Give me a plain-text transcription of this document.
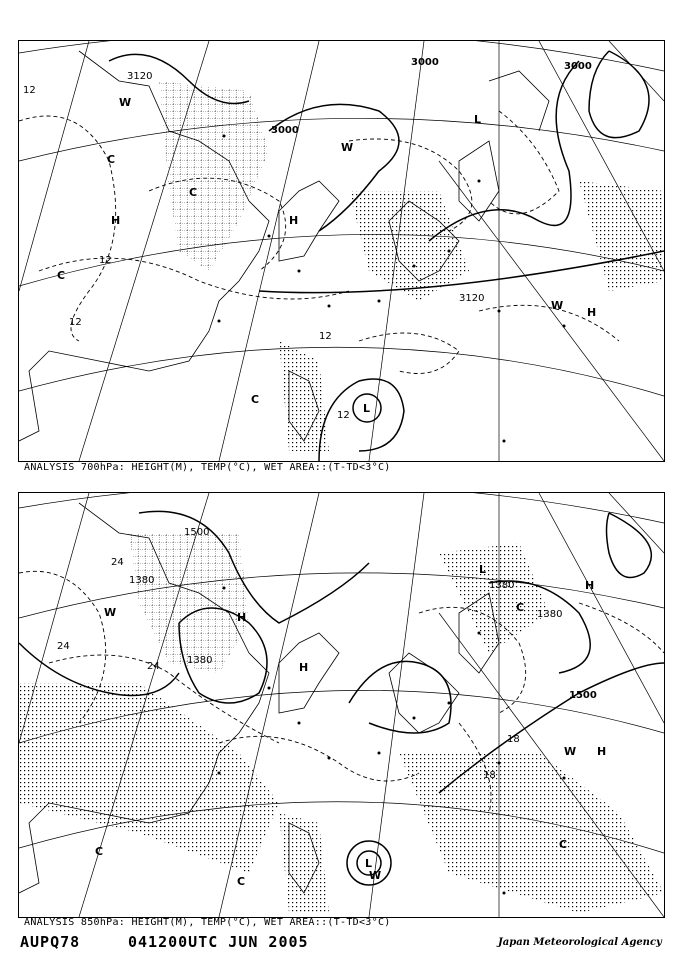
3120
3000	3000
3000
3120
12
12
12
12
12
L
L
H	H
H
W
W
W
C
C
C
C
ANALYSIS 700hPa: HEIGHT(M), TEMP(°C), WET AREA::(T-TD<3°C)
1500
1380
1380
1380
1380
1500
24
24
24
18
18
L
L
H
H
H
H
W
W
W
C
C
C
C
ANALYSIS 850hPa: HEIGHT(M), TEMP(°C), WET AREA::(T-TD<3°C)
AUPQ78	041200UTC JUN 2005	Japan Meteorological Agency
